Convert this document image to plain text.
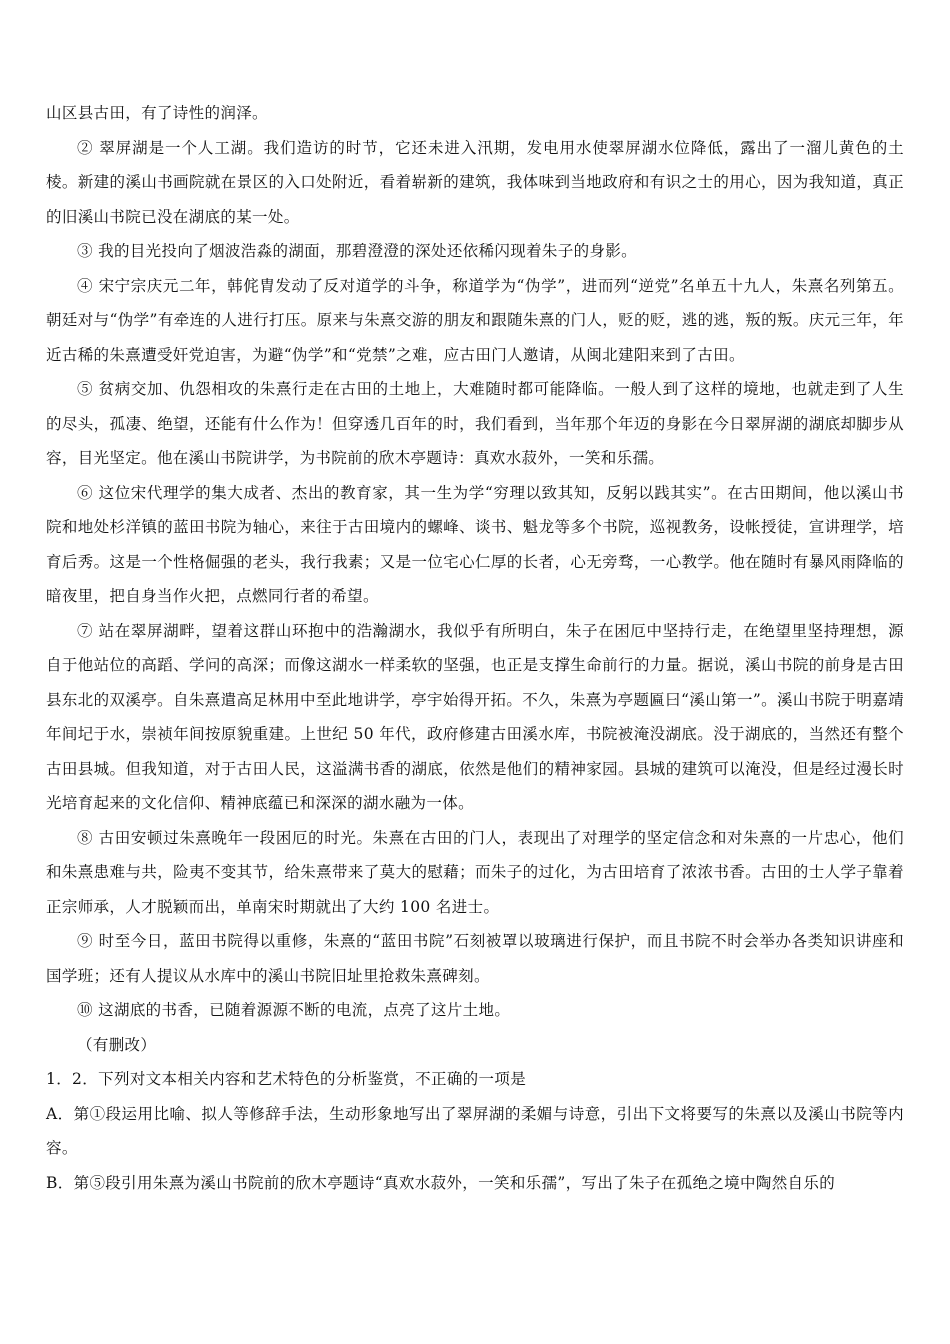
山区县古田，有了诗性的润泽。

② 翠屏湖是一个人工湖。我们造访的时节，它还未进入汛期，发电用水使翠屏湖水位降低，露出了一溜儿黄色的土棱。新建的溪山书画院就在景区的入口处附近，看着崭新的建筑，我体味到当地政府和有识之士的用心，因为我知道，真正的旧溪山书院已没在湖底的某一处。

③ 我的目光投向了烟波浩淼的湖面，那碧澄澄的深处还依稀闪现着朱子的身影。

④ 宋宁宗庆元二年，韩侂胄发动了反对道学的斗争，称道学为“伪学”，进而列“逆党”名单五十九人，朱熹名列第五。朝廷对与“伪学”有牵连的人进行打压。原来与朱熹交游的朋友和跟随朱熹的门人，贬的贬，逃的逃，叛的叛。庆元三年，年近古稀的朱熹遭受奸党迫害，为避“伪学”和“党禁”之难，应古田门人邀请，从闽北建阳来到了古田。

⑤ 贫病交加、仇怨相攻的朱熹行走在古田的土地上，大难随时都可能降临。一般人到了这样的境地，也就走到了人生的尽头，孤凄、绝望，还能有什么作为！但穿透几百年的时，我们看到，当年那个年迈的身影在今日翠屏湖的湖底却脚步从容，目光坚定。他在溪山书院讲学，为书院前的欣木亭题诗：真欢水菽外，一笑和乐孺。

⑥ 这位宋代理学的集大成者、杰出的教育家，其一生为学“穷理以致其知，反躬以践其实”。在古田期间，他以溪山书院和地处杉洋镇的蓝田书院为轴心，来往于古田境内的螺峰、谈书、魁龙等多个书院，巡视教务，设帐授徒，宣讲理学，培育后秀。这是一个性格倔强的老头，我行我素；又是一位宅心仁厚的长者，心无旁骛，一心教学。他在随时有暴风雨降临的暗夜里，把自身当作火把，点燃同行者的希望。

⑦ 站在翠屏湖畔，望着这群山环抱中的浩瀚湖水，我似乎有所明白，朱子在困厄中坚持行走，在绝望里坚持理想，源自于他站位的高蹈、学问的高深；而像这湖水一样柔软的坚强，也正是支撑生命前行的力量。据说，溪山书院的前身是古田县东北的双溪亭。自朱熹遣高足林用中至此地讲学，亭宇始得开拓。不久，朱熹为亭题匾曰“溪山第一”。溪山书院于明嘉靖年间圮于水，崇祯年间按原貌重建。上世纪 50 年代，政府修建古田溪水库，书院被淹没湖底。没于湖底的，当然还有整个古田县城。但我知道，对于古田人民，这溢满书香的湖底，依然是他们的精神家园。县城的建筑可以淹没，但是经过漫长时光培育起来的文化信仰、精神底蕴已和深深的湖水融为一体。

⑧ 古田安顿过朱熹晚年一段困厄的时光。朱熹在古田的门人，表现出了对理学的坚定信念和对朱熹的一片忠心，他们和朱熹患难与共，险夷不变其节，给朱熹带来了莫大的慰藉；而朱子的过化，为古田培育了浓浓书香。古田的士人学子靠着正宗师承，人才脱颖而出，单南宋时期就出了大约 100 名进士。

⑨ 时至今日，蓝田书院得以重修，朱熹的“蓝田书院”石刻被罩以玻璃进行保护，而且书院不时会举办各类知识讲座和国学班；还有人提议从水库中的溪山书院旧址里抢救朱熹碑刻。

⑩ 这湖底的书香，已随着源源不断的电流，点亮了这片土地。

（有删改）

1．2．下列对文本相关内容和艺术特色的分析鉴赏，不正确的一项是

A．第①段运用比喻、拟人等修辞手法，生动形象地写出了翠屏湖的柔媚与诗意，引出下文将要写的朱熹以及溪山书院等内容。

B．第⑤段引用朱熹为溪山书院前的欣木亭题诗“真欢水菽外，一笑和乐孺”，写出了朱子在孤绝之境中陶然自乐的
